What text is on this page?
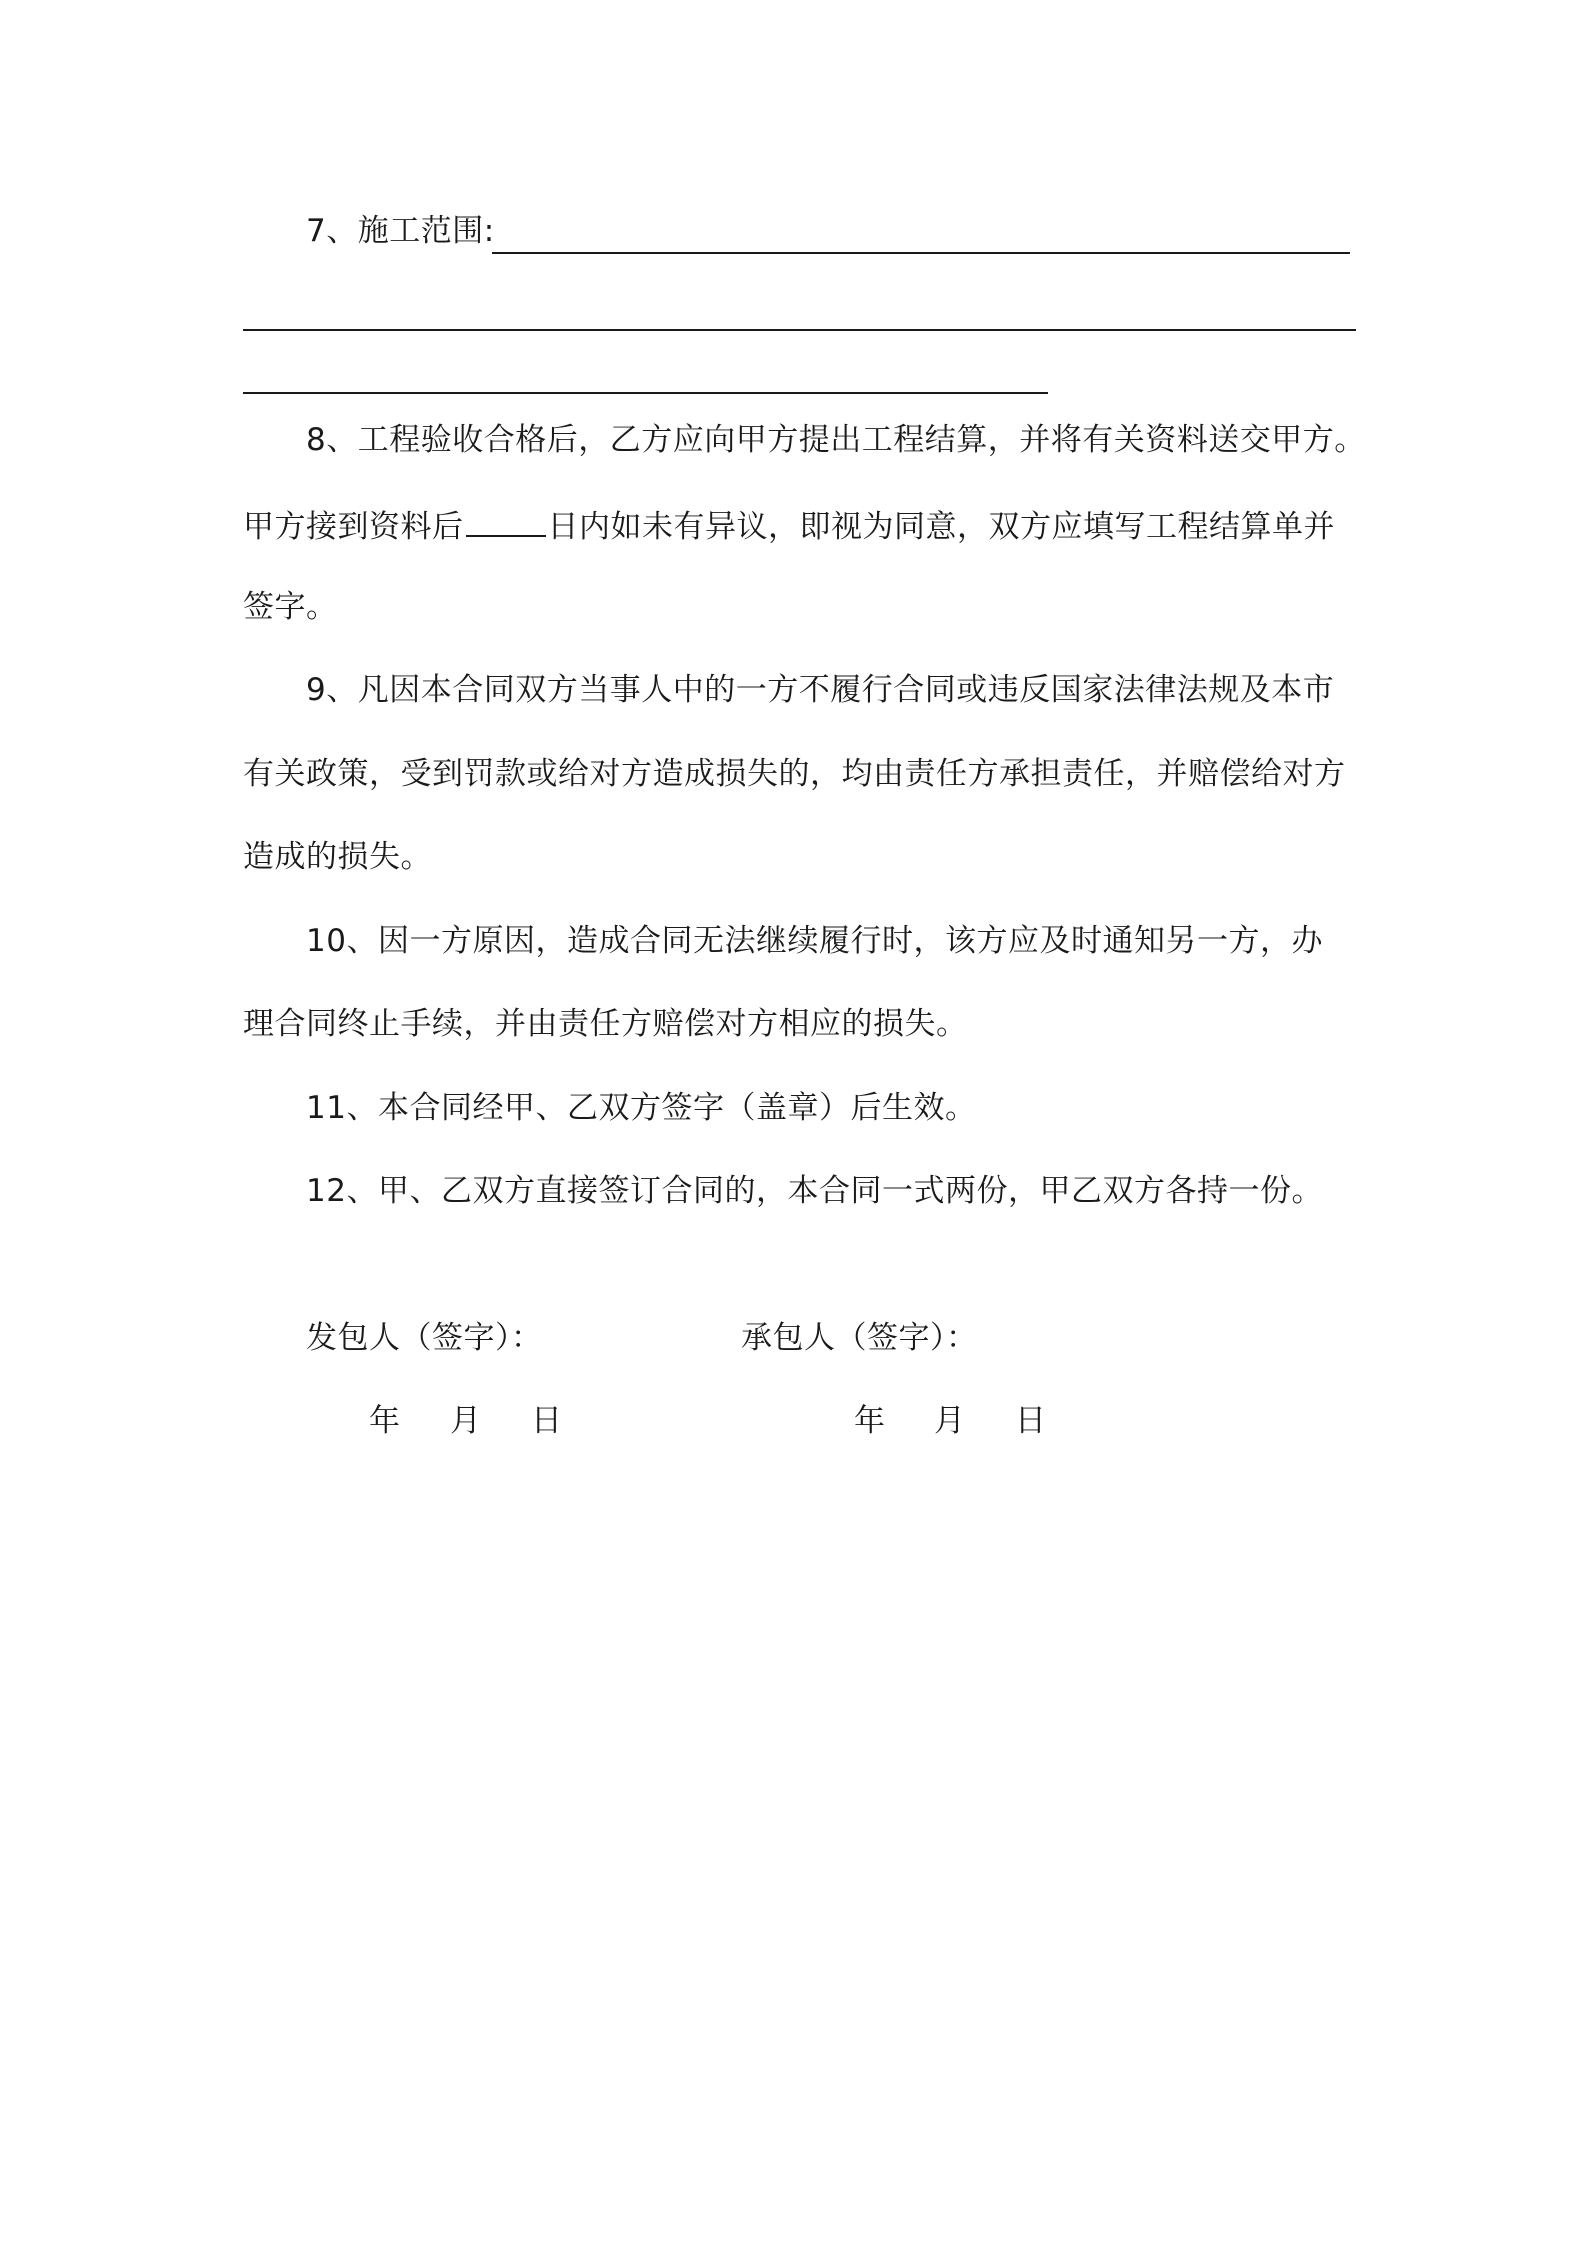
7、施工范围:
8、工程验收合格后，乙方应向甲方提出工程结算，并将有关资料送交甲方。
甲方接到资料后	日内如未有异议，即视为同意，双方应填写工程结算单并
签字。
9、凡因本合同双方当事人中的一方不履行合同或违反国家法律法规及本市
有关政策，受到罚款或给对方造成损失的，均由责任方承担责任，并赔偿给对方
造成的损失。
10、因一方原因，造成合同无法继续履行时，该方应及时通知另一方，办
理合同终止手续，并由责任方赔偿对方相应的损失。
11、本合同经甲、乙双方签字（盖章）后生效。
12、甲、乙双方直接签订合同的，本合同一式两份，甲乙双方各持一份。
发包人（签字）：	承包人（签字）：
年 月 日	年 月 日
